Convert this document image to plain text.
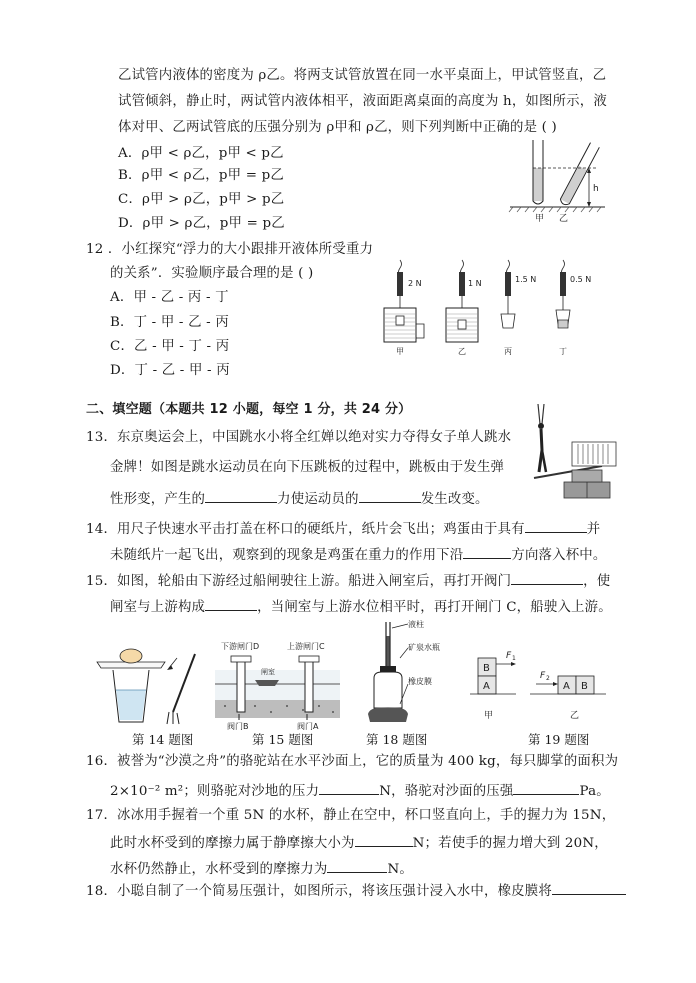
乙试管内液体的密度为 ρ乙。将两支试管放置在同一水平桌面上，甲试管竖直，乙
试管倾斜，静止时，两试管内液体相平，液面距离桌面的高度为 h，如图所示，液
体对甲、乙两试管底的压强分别为 ρ甲和 ρ乙，则下列判断中正确的是 ( )
A．ρ甲 < ρ乙，p甲 < p乙
B．ρ甲 < ρ乙，p甲 = p乙
C．ρ甲 > ρ乙，p甲 > p乙
D．ρ甲 > ρ乙，p甲 = p乙
h
甲 乙
12 ．小红探究“浮力的大小跟排开液体所受重力
的关系”．实验顺序最合理的是 ( )
A．甲 - 乙 - 丙 - 丁
B．丁 - 甲 - 乙 - 丙
C．乙 - 甲 - 丁 - 丙
D．丁 - 乙 - 甲 - 丙
2 N
甲
1 N
乙
1.5 N
丙
0.5 N
丁
二、填空题（本题共 12 小题，每空 1 分，共 24 分）
13．东京奥运会上，中国跳水小将全红婵以绝对实力夺得女子单人跳水
金牌！如图是跳水运动员在向下压跳板的过程中，跳板由于发生弹
性形变，产生的	力使运动员的	发生改变。
14．用尺子快速水平击打盖在杯口的硬纸片，纸片会飞出；鸡蛋由于具有	并
未随纸片一起飞出，观察到的现象是鸡蛋在重力的作用下沿	方向落入杯中。
15．如图，轮船由下游经过船闸驶往上游。船进入闸室后，再打开阀门	，使
闸室与上游构成	，当闸室与上游水位相平时，再打开闸门 C，船驶入上游。
下游闸门D	上游闸门C
闸室
阀门B	阀门A
液柱
矿泉水瓶
橡皮膜
B
A
F 1
甲
A B
F 2
乙
第 14 题图	第 15 题图	第 18 题图	第 19 题图
16．被誉为“沙漠之舟”的骆驼站在水平沙面上，它的质量为 400 kg，每只脚掌的面积为
2×10⁻² m²；则骆驼对沙地的压力	N，骆驼对沙面的压强	Pa。
17．冰冰用手握着一个重 5N 的水杯，静止在空中，杯口竖直向上，手的握力为 15N，
此时水杯受到的摩擦力属于静摩擦大小为	N；若使手的握力增大到 20N，
水杯仍然静止，水杯受到的摩擦力为	N。
18．小聪自制了一个简易压强计，如图所示，将该压强计浸入水中，橡皮膜将
